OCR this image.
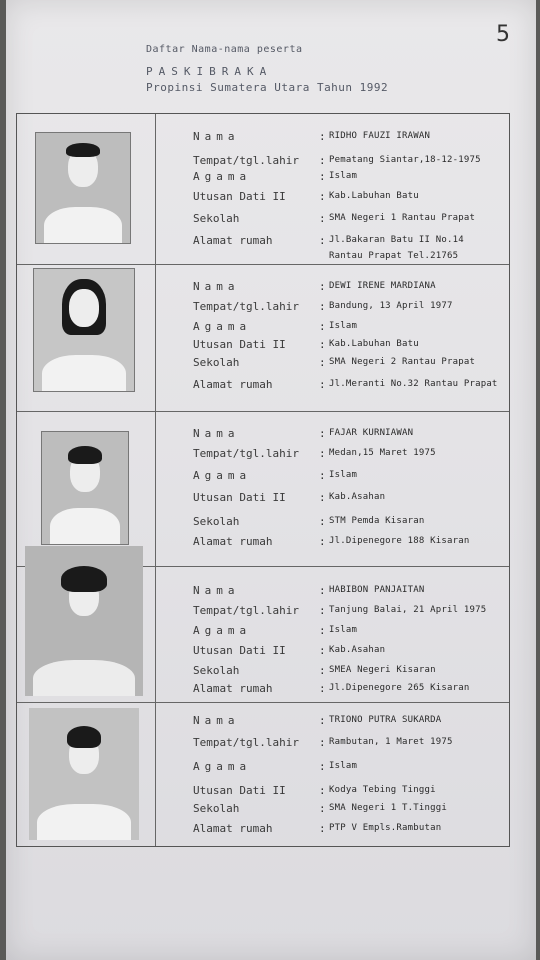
5
Daftar Nama-nama peserta
PASKIBRAKA
Propinsi Sumatera Utara Tahun 1992
Nama	: RIDHO FAUZI IRAWAN
Tempat/tgl.lahir : Pematang Siantar,18-12-1975
Agama	: Islam
Utusan Dati II	: Kab.Labuhan Batu
Sekolah	: SMA Negeri 1 Rantau Prapat
Alamat rumah	: Jl.Bakaran Batu II No.14
Rantau Prapat Tel.21765
Nama	: DEWI IRENE MARDIANA
Tempat/tgl.lahir : Bandung, 13 April 1977
Agama	: Islam
Utusan Dati II	: Kab.Labuhan Batu
Sekolah	: SMA Negeri 2 Rantau Prapat
Alamat rumah	: Jl.Meranti No.32 Rantau Prapat
Nama	: FAJAR KURNIAWAN
Tempat/tgl.lahir : Medan,15 Maret 1975
Agama	: Islam
Utusan Dati II	: Kab.Asahan
Sekolah	: STM Pemda Kisaran
Alamat rumah	: Jl.Dipenegore 188 Kisaran
Nama	: HABIBON PANJAITAN
Tempat/tgl.lahir : Tanjung Balai, 21 April 1975
Agama	: Islam
Utusan Dati II	: Kab.Asahan
Sekolah	: SMEA Negeri Kisaran
Alamat rumah	: Jl.Dipenegore 265 Kisaran
Nama	: TRIONO PUTRA SUKARDA
Tempat/tgl.lahir : Rambutan, 1 Maret 1975
Agama	: Islam
Utusan Dati II	: Kodya Tebing Tinggi
Sekolah	: SMA Negeri 1 T.Tinggi
Alamat rumah	: PTP V Empls.Rambutan
